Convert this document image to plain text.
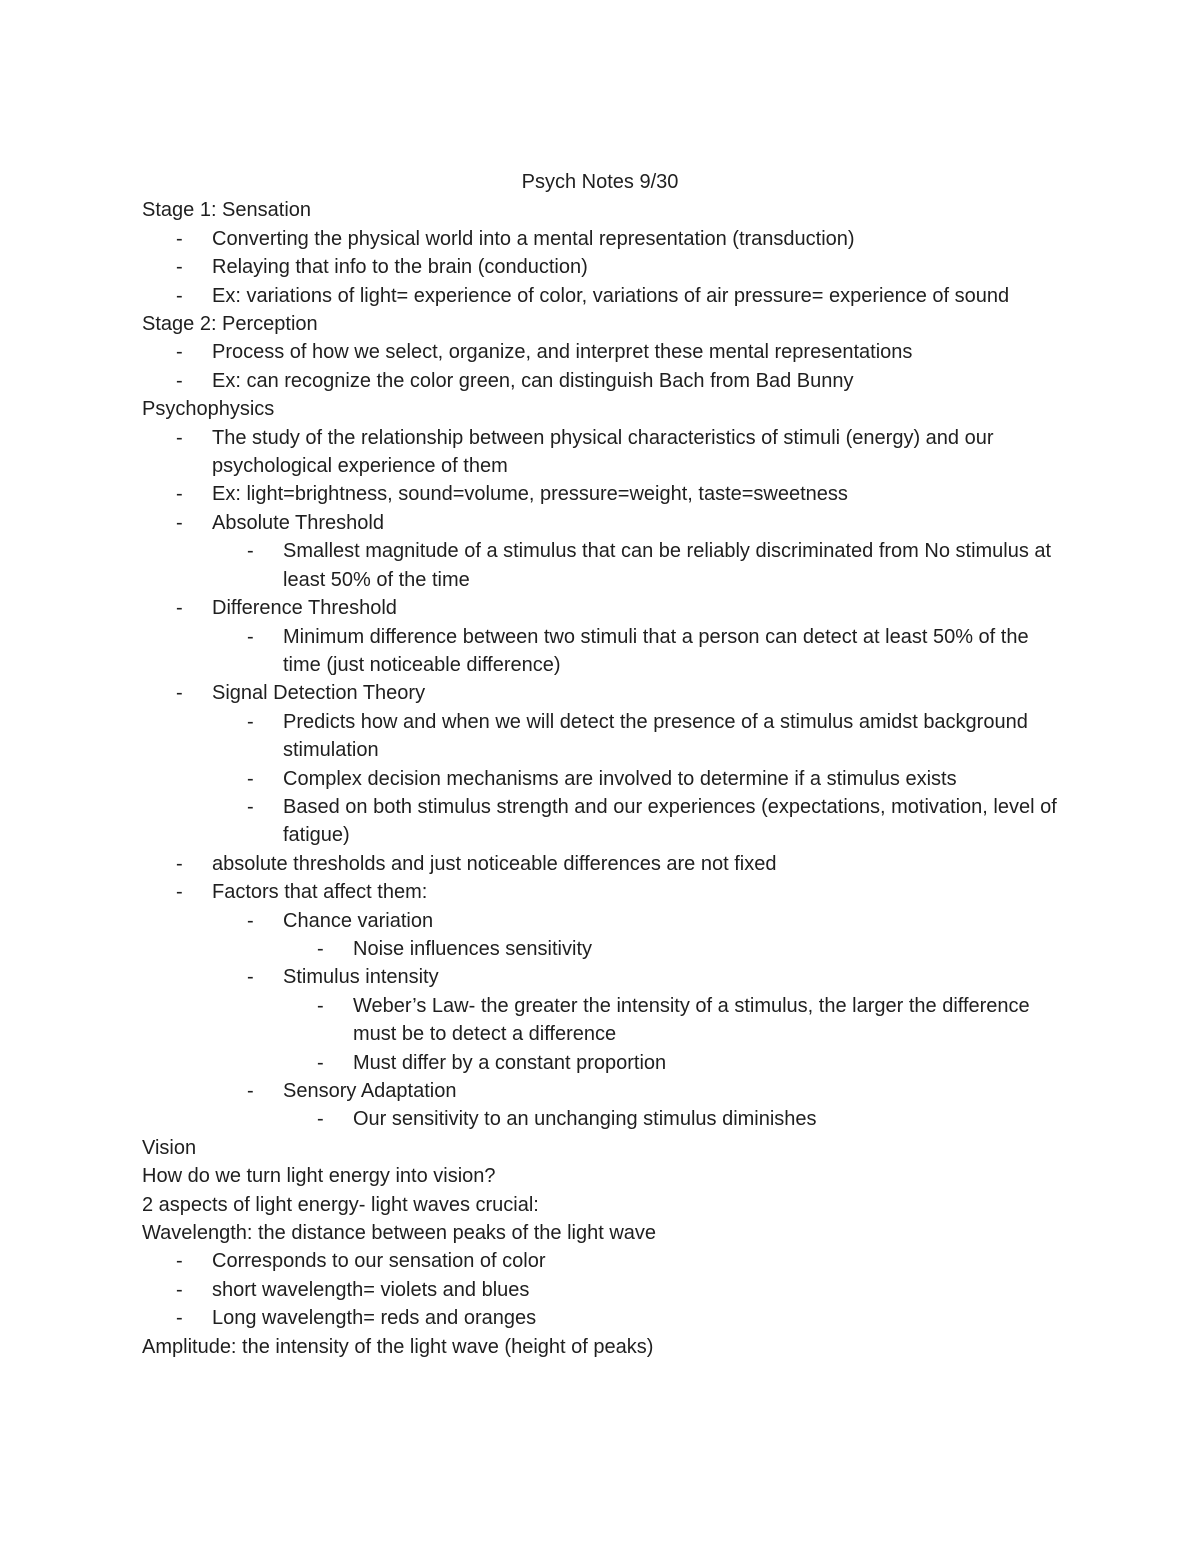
Psych Notes 9/30

Stage 1: Sensation

- Converting the physical world into a mental representation (transduction)
- Relaying that info to the brain (conduction)
- Ex: variations of light= experience of color, variations of air pressure= experience of sound

Stage 2: Perception

- Process of how we select, organize, and interpret these mental representations
- Ex: can recognize the color green, can distinguish Bach from Bad Bunny

Psychophysics

- The study of the relationship between physical characteristics of stimuli (energy) and our psychological experience of them
- Ex: light=brightness, sound=volume, pressure=weight, taste=sweetness
- Absolute Threshold
- Smallest magnitude of a stimulus that can be reliably discriminated from No stimulus at least 50% of the time
- Difference Threshold
- Minimum difference between two stimuli that a person can detect at least 50% of the time (just noticeable difference)
- Signal Detection Theory
- Predicts how and when we will detect the presence of a stimulus amidst background stimulation
- Complex decision mechanisms are involved to determine if a stimulus exists
- Based on both stimulus strength and our experiences (expectations, motivation, level of fatigue)
- absolute thresholds and just noticeable differences are not fixed
- Factors that affect them:
- Chance variation
- Noise influences sensitivity
- Stimulus intensity
- Weber’s Law- the greater the intensity of a stimulus, the larger the difference must be to detect a difference
- Must differ by a constant proportion
- Sensory Adaptation
- Our sensitivity to an unchanging stimulus diminishes

Vision

How do we turn light energy into vision?

2 aspects of light energy- light waves crucial:

Wavelength: the distance between peaks of the light wave

- Corresponds to our sensation of color
- short wavelength= violets and blues
- Long wavelength= reds and oranges

Amplitude: the intensity of the light wave (height of peaks)
